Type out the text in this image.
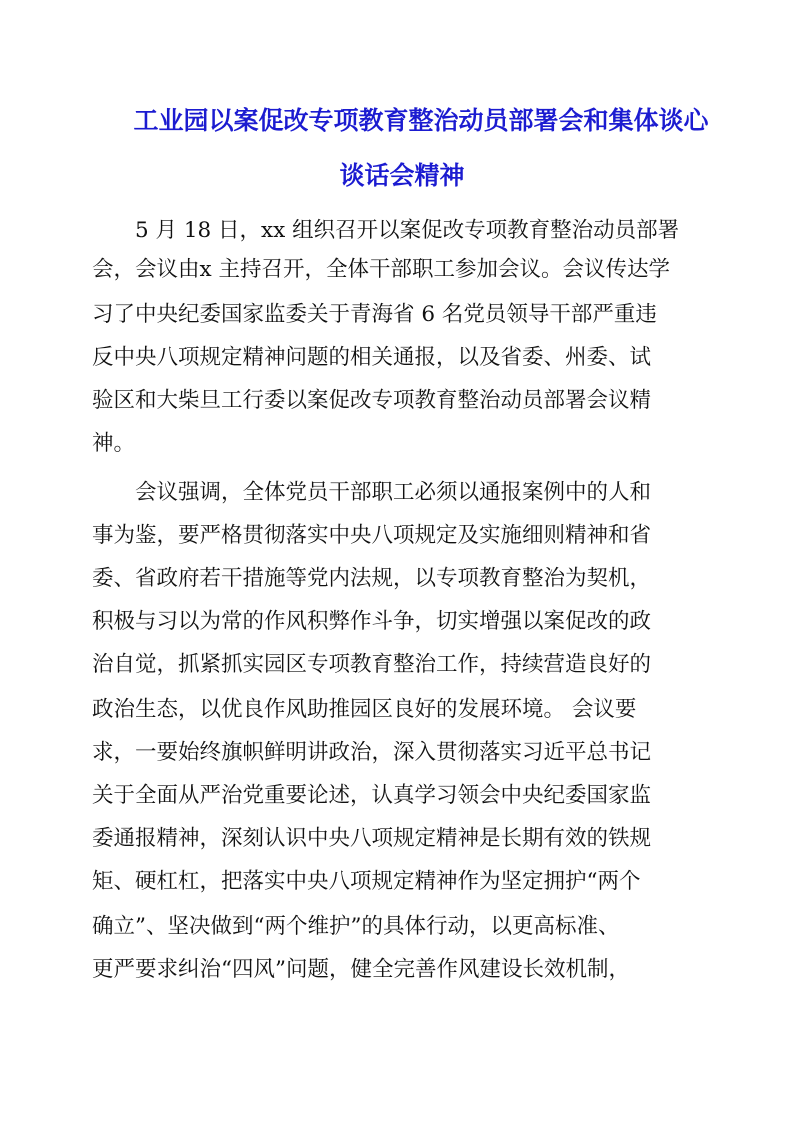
工业园以案促改专项教育整治动员部署会和集体谈心
谈话会精神
　　5 月 18 日，xx 组织召开以案促改专项教育整治动员部署
会，会议由x 主持召开，全体干部职工参加会议。会议传达学
习了中央纪委国家监委关于青海省 6 名党员领导干部严重违
反中央八项规定精神问题的相关通报，以及省委、州委、试
验区和大柴旦工行委以案促改专项教育整治动员部署会议精
神。
　　会议强调，全体党员干部职工必须以通报案例中的人和
事为鉴，要严格贯彻落实中央八项规定及实施细则精神和省
委、省政府若干措施等党内法规，以专项教育整治为契机，
积极与习以为常的作风积弊作斗争，切实增强以案促改的政
治自觉，抓紧抓实园区专项教育整治工作，持续营造良好的
政治生态，以优良作风助推园区良好的发展环境。 会议要
求，一要始终旗帜鲜明讲政治，深入贯彻落实习近平总书记
关于全面从严治党重要论述，认真学习领会中央纪委国家监
委通报精神，深刻认识中央八项规定精神是长期有效的铁规
矩、硬杠杠，把落实中央八项规定精神作为坚定拥护“两个
确立”、坚决做到“两个维护”的具体行动，以更高标准、
更严要求纠治“四风”问题，健全完善作风建设长效机制，
